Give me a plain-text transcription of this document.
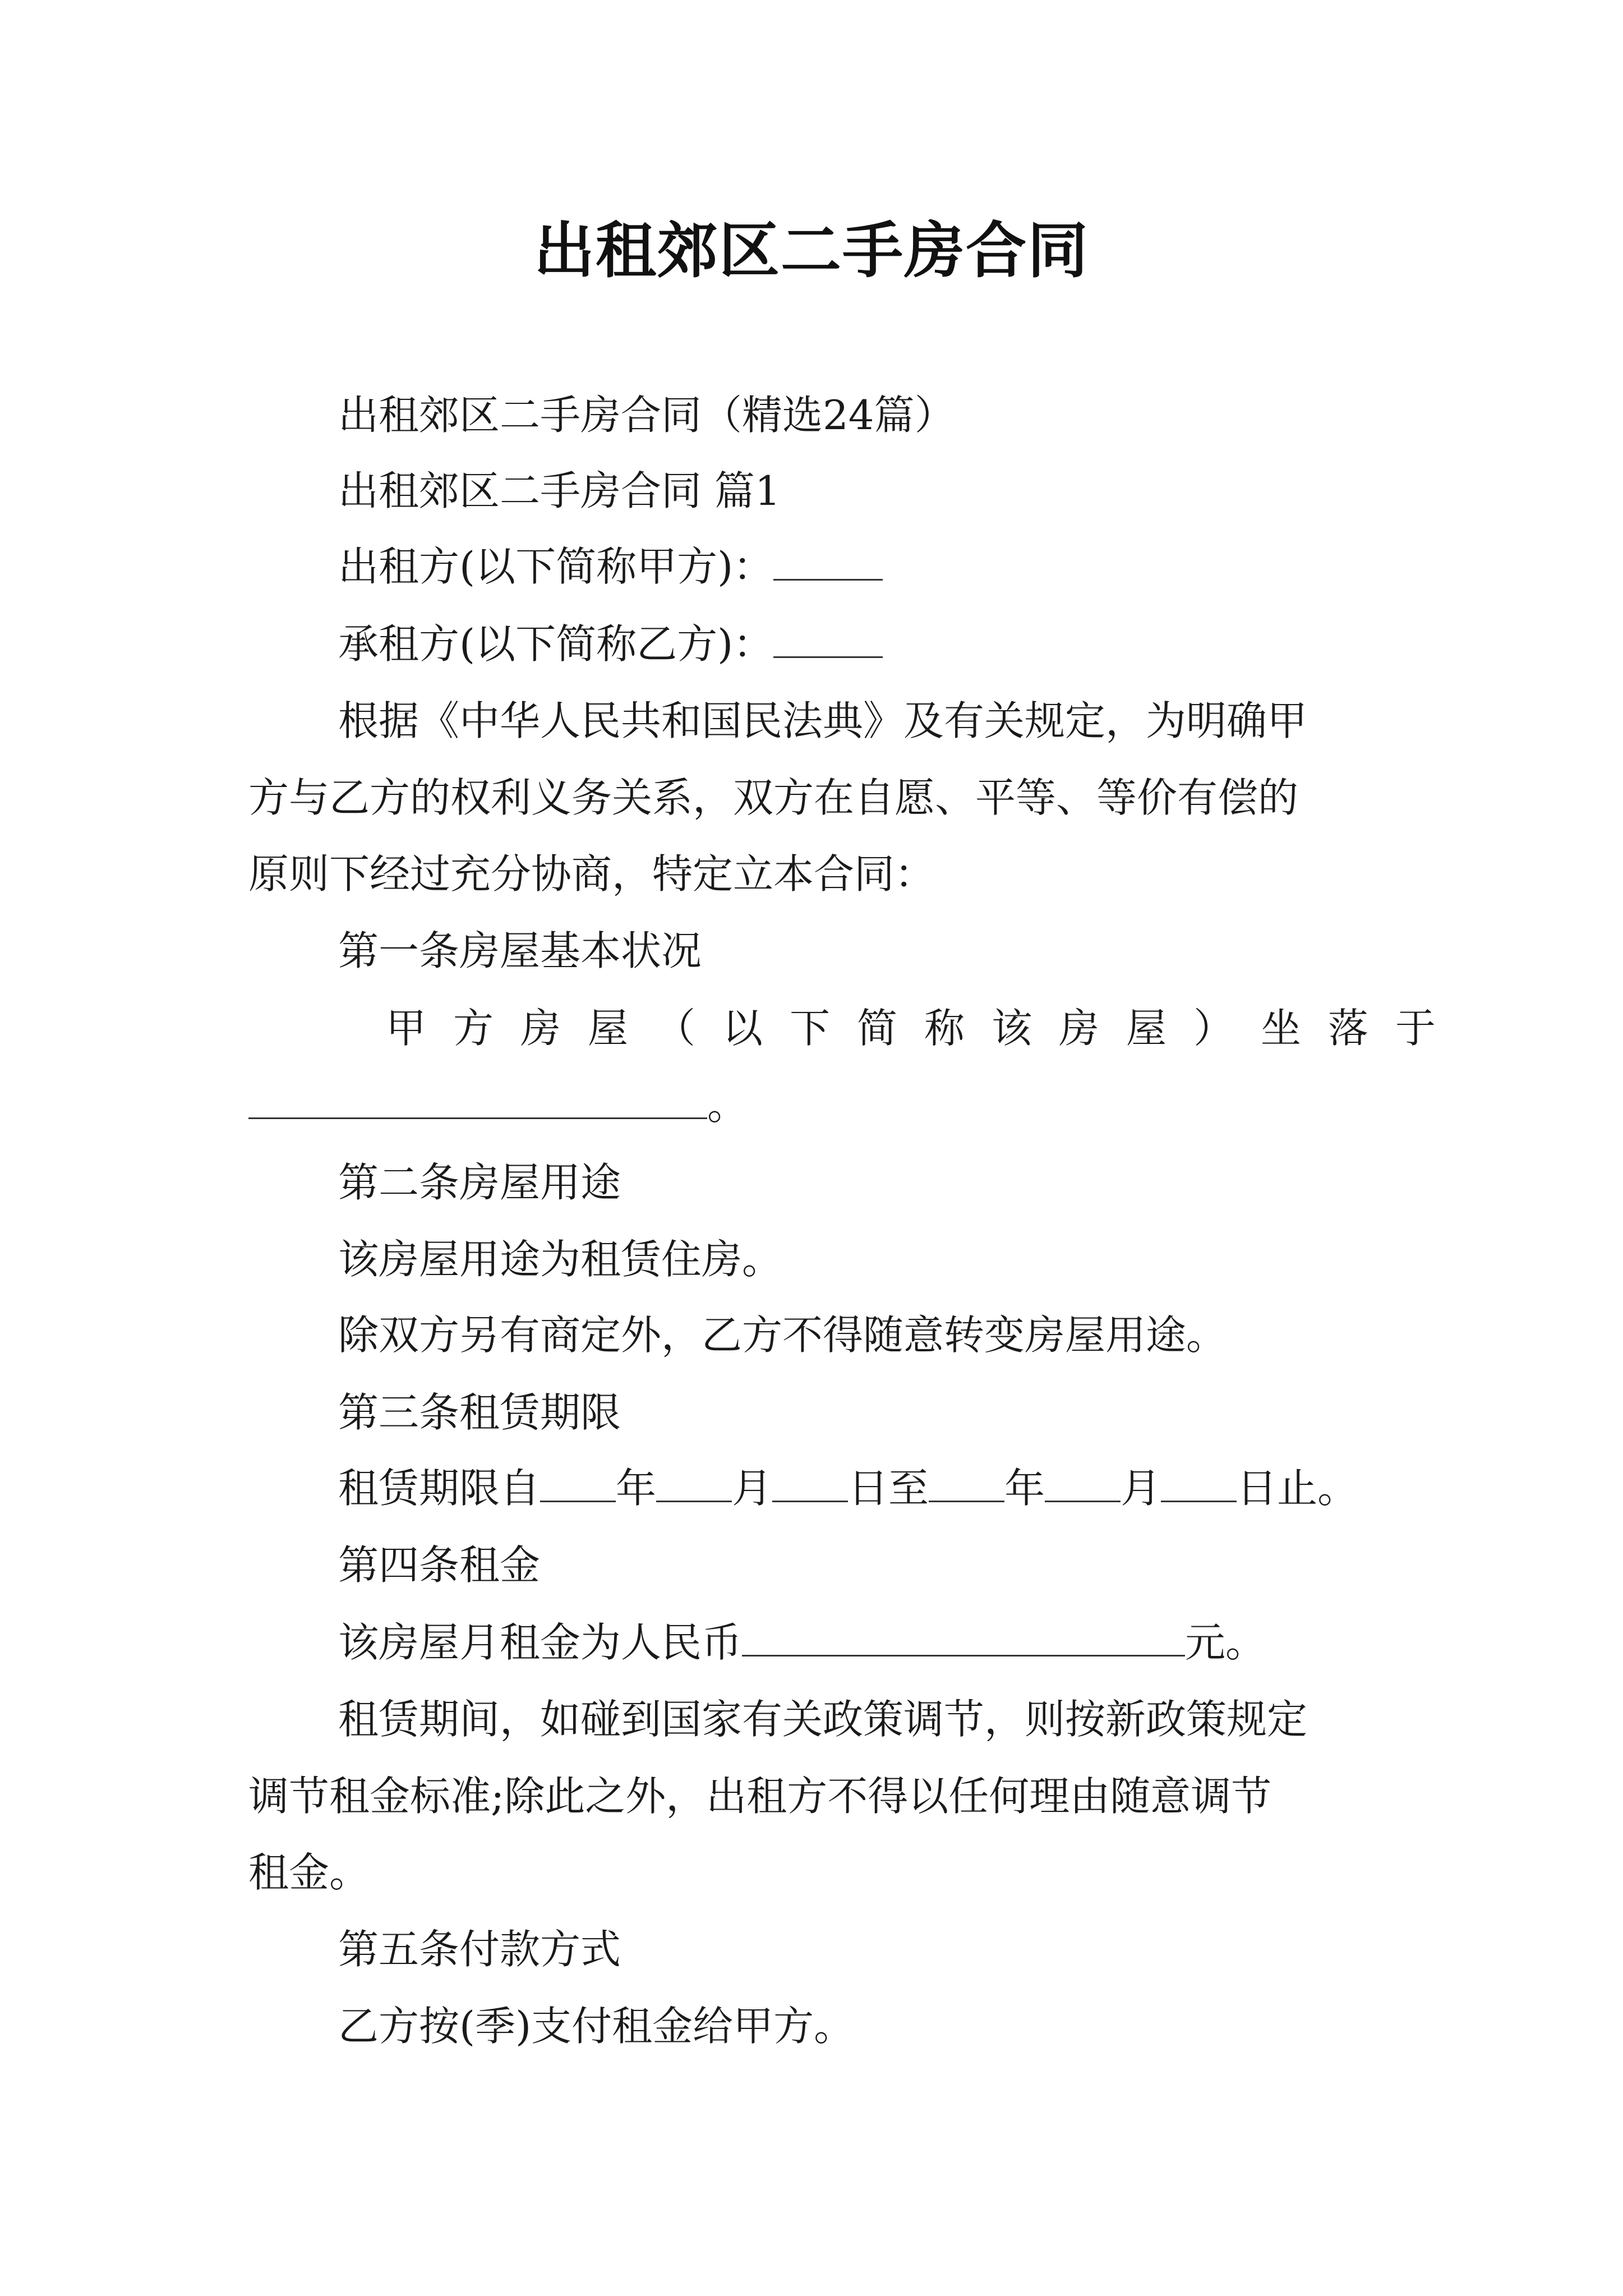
出租郊区二手房合同
出租郊区二手房合同（精选24篇）
出租郊区二手房合同 篇1
出租方(以下简称甲方)：
承租方(以下简称乙方)：
根据《中华人民共和国民法典》及有关规定，为明确甲
方与乙方的权利义务关系，双方在自愿、平等、等价有偿的
原则下经过充分协商，特定立本合同：
第一条房屋基本状况
甲方房屋（以下简称该房屋）坐落于
。
第二条房屋用途
该房屋用途为租赁住房。
除双方另有商定外，乙方不得随意转变房屋用途。
第三条租赁期限
租赁期限自 年 月 日至 年 月 日止。
第四条租金
该房屋月租金为人民币	元。
租赁期间，如碰到国家有关政策调节，则按新政策规定
调节租金标准;除此之外，出租方不得以任何理由随意调节
租金。
第五条付款方式
乙方按(季)支付租金给甲方。
